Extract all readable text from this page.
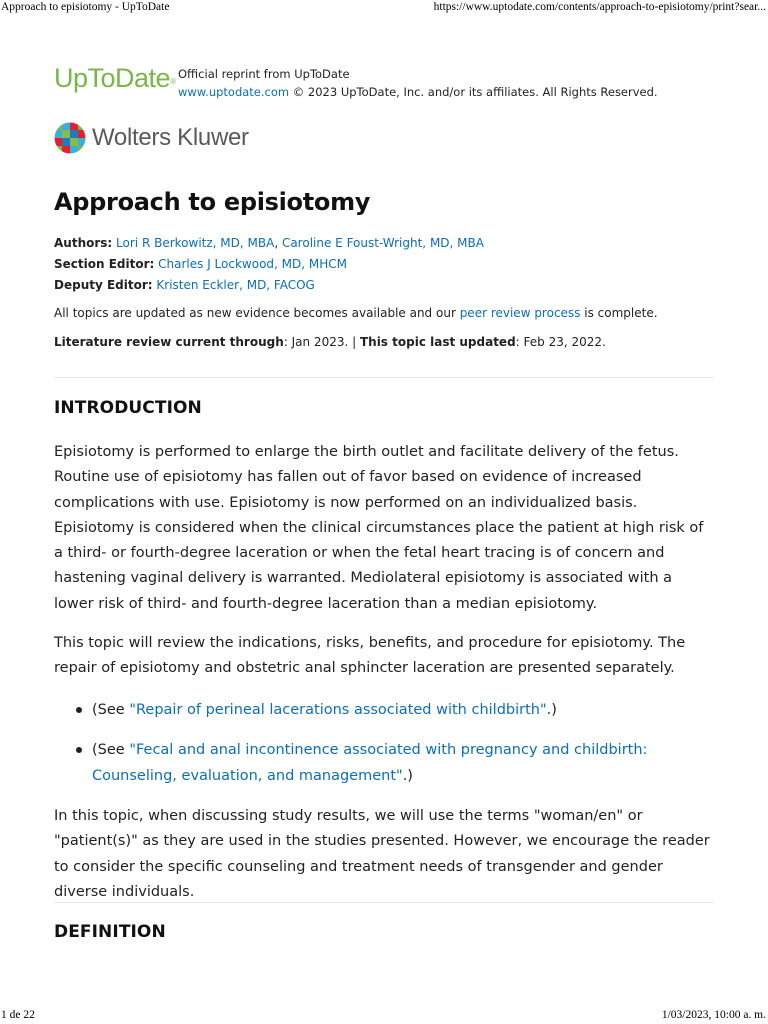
Approach to episiotomy - UpToDate	https://www.uptodate.com/contents/approach-to-episiotomy/print?sear...
UpToDate®
Official reprint from UpToDate
www.uptodate.com © 2023 UpToDate, Inc. and/or its affiliates. All Rights Reserved.
Wolters Kluwer
Approach to episiotomy
Authors: Lori R Berkowitz, MD, MBA, Caroline E Foust-Wright, MD, MBA
Section Editor: Charles J Lockwood, MD, MHCM
Deputy Editor: Kristen Eckler, MD, FACOG
All topics are updated as new evidence becomes available and our peer review process is complete.
Literature review current through: Jan 2023. | This topic last updated: Feb 23, 2022.
INTRODUCTION

Episiotomy is performed to enlarge the birth outlet and facilitate delivery of the fetus. Routine use of episiotomy has fallen out of favor based on evidence of increased complications with use. Episiotomy is now performed on an individualized basis. Episiotomy is considered when the clinical circumstances place the patient at high risk of a third- or fourth-degree laceration or when the fetal heart tracing is of concern and hastening vaginal delivery is warranted. Mediolateral episiotomy is associated with a lower risk of third- and fourth-degree laceration than a median episiotomy.

This topic will review the indications, risks, benefits, and procedure for episiotomy. The repair of episiotomy and obstetric anal sphincter laceration are presented separately.

(See "Repair of perineal lacerations associated with childbirth".)
(See "Fecal and anal incontinence associated with pregnancy and childbirth: Counseling, evaluation, and management".)

In this topic, when discussing study results, we will use the terms "woman/en" or "patient(s)" as they are used in the studies presented. However, we encourage the reader to consider the specific counseling and treatment needs of transgender and gender diverse individuals.

DEFINITION
1 de 22	1/03/2023, 10:00 a. m.
